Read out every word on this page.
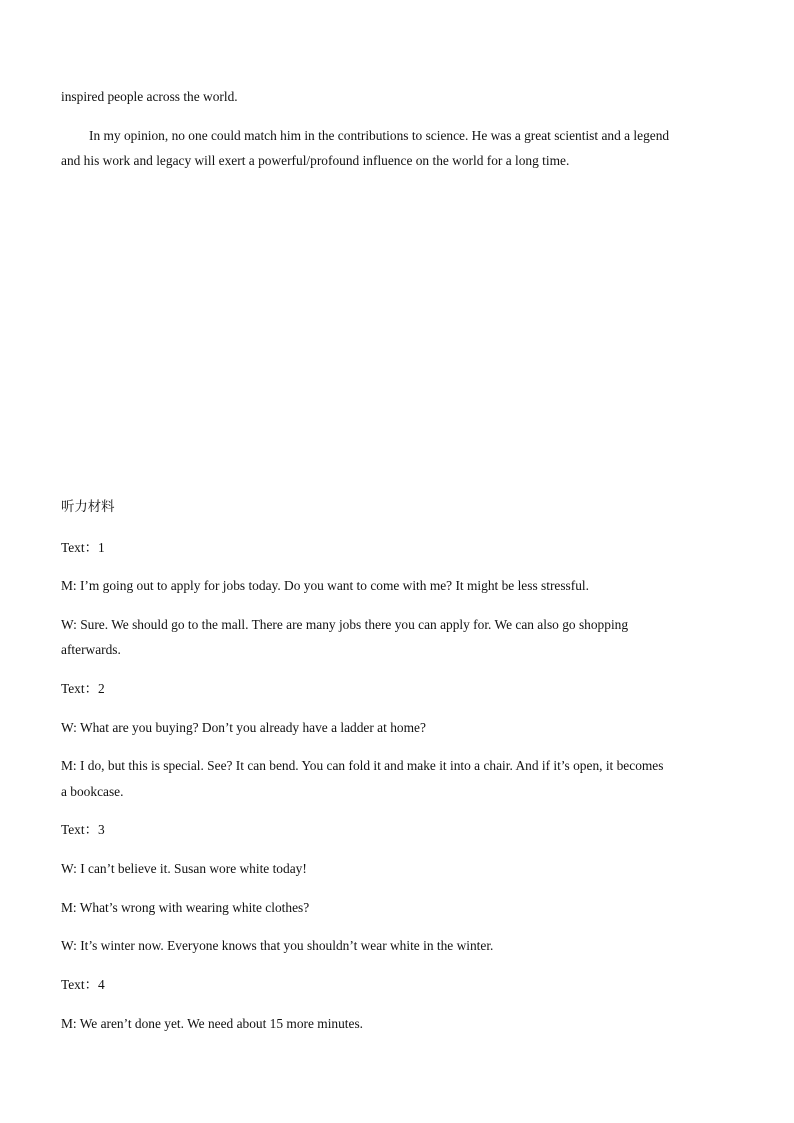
inspired people across the world.
In my opinion, no one could match him in the contributions to science. He was a great scientist and a legend
and his work and legacy will exert a powerful/profound influence on the world for a long time.
听力材料
Text：1
M: I’m going out to apply for jobs today. Do you want to come with me? It might be less stressful.
W: Sure. We should go to the mall. There are many jobs there you can apply for. We can also go shopping
afterwards.
Text：2
W: What are you buying? Don’t you already have a ladder at home?
M: I do, but this is special. See? It can bend. You can fold it and make it into a chair. And if it’s open, it becomes
a bookcase.
Text：3
W: I can’t believe it. Susan wore white today!
M: What’s wrong with wearing white clothes?
W: It’s winter now. Everyone knows that you shouldn’t wear white in the winter.
Text：4
M: We aren’t done yet. We need about 15 more minutes.
